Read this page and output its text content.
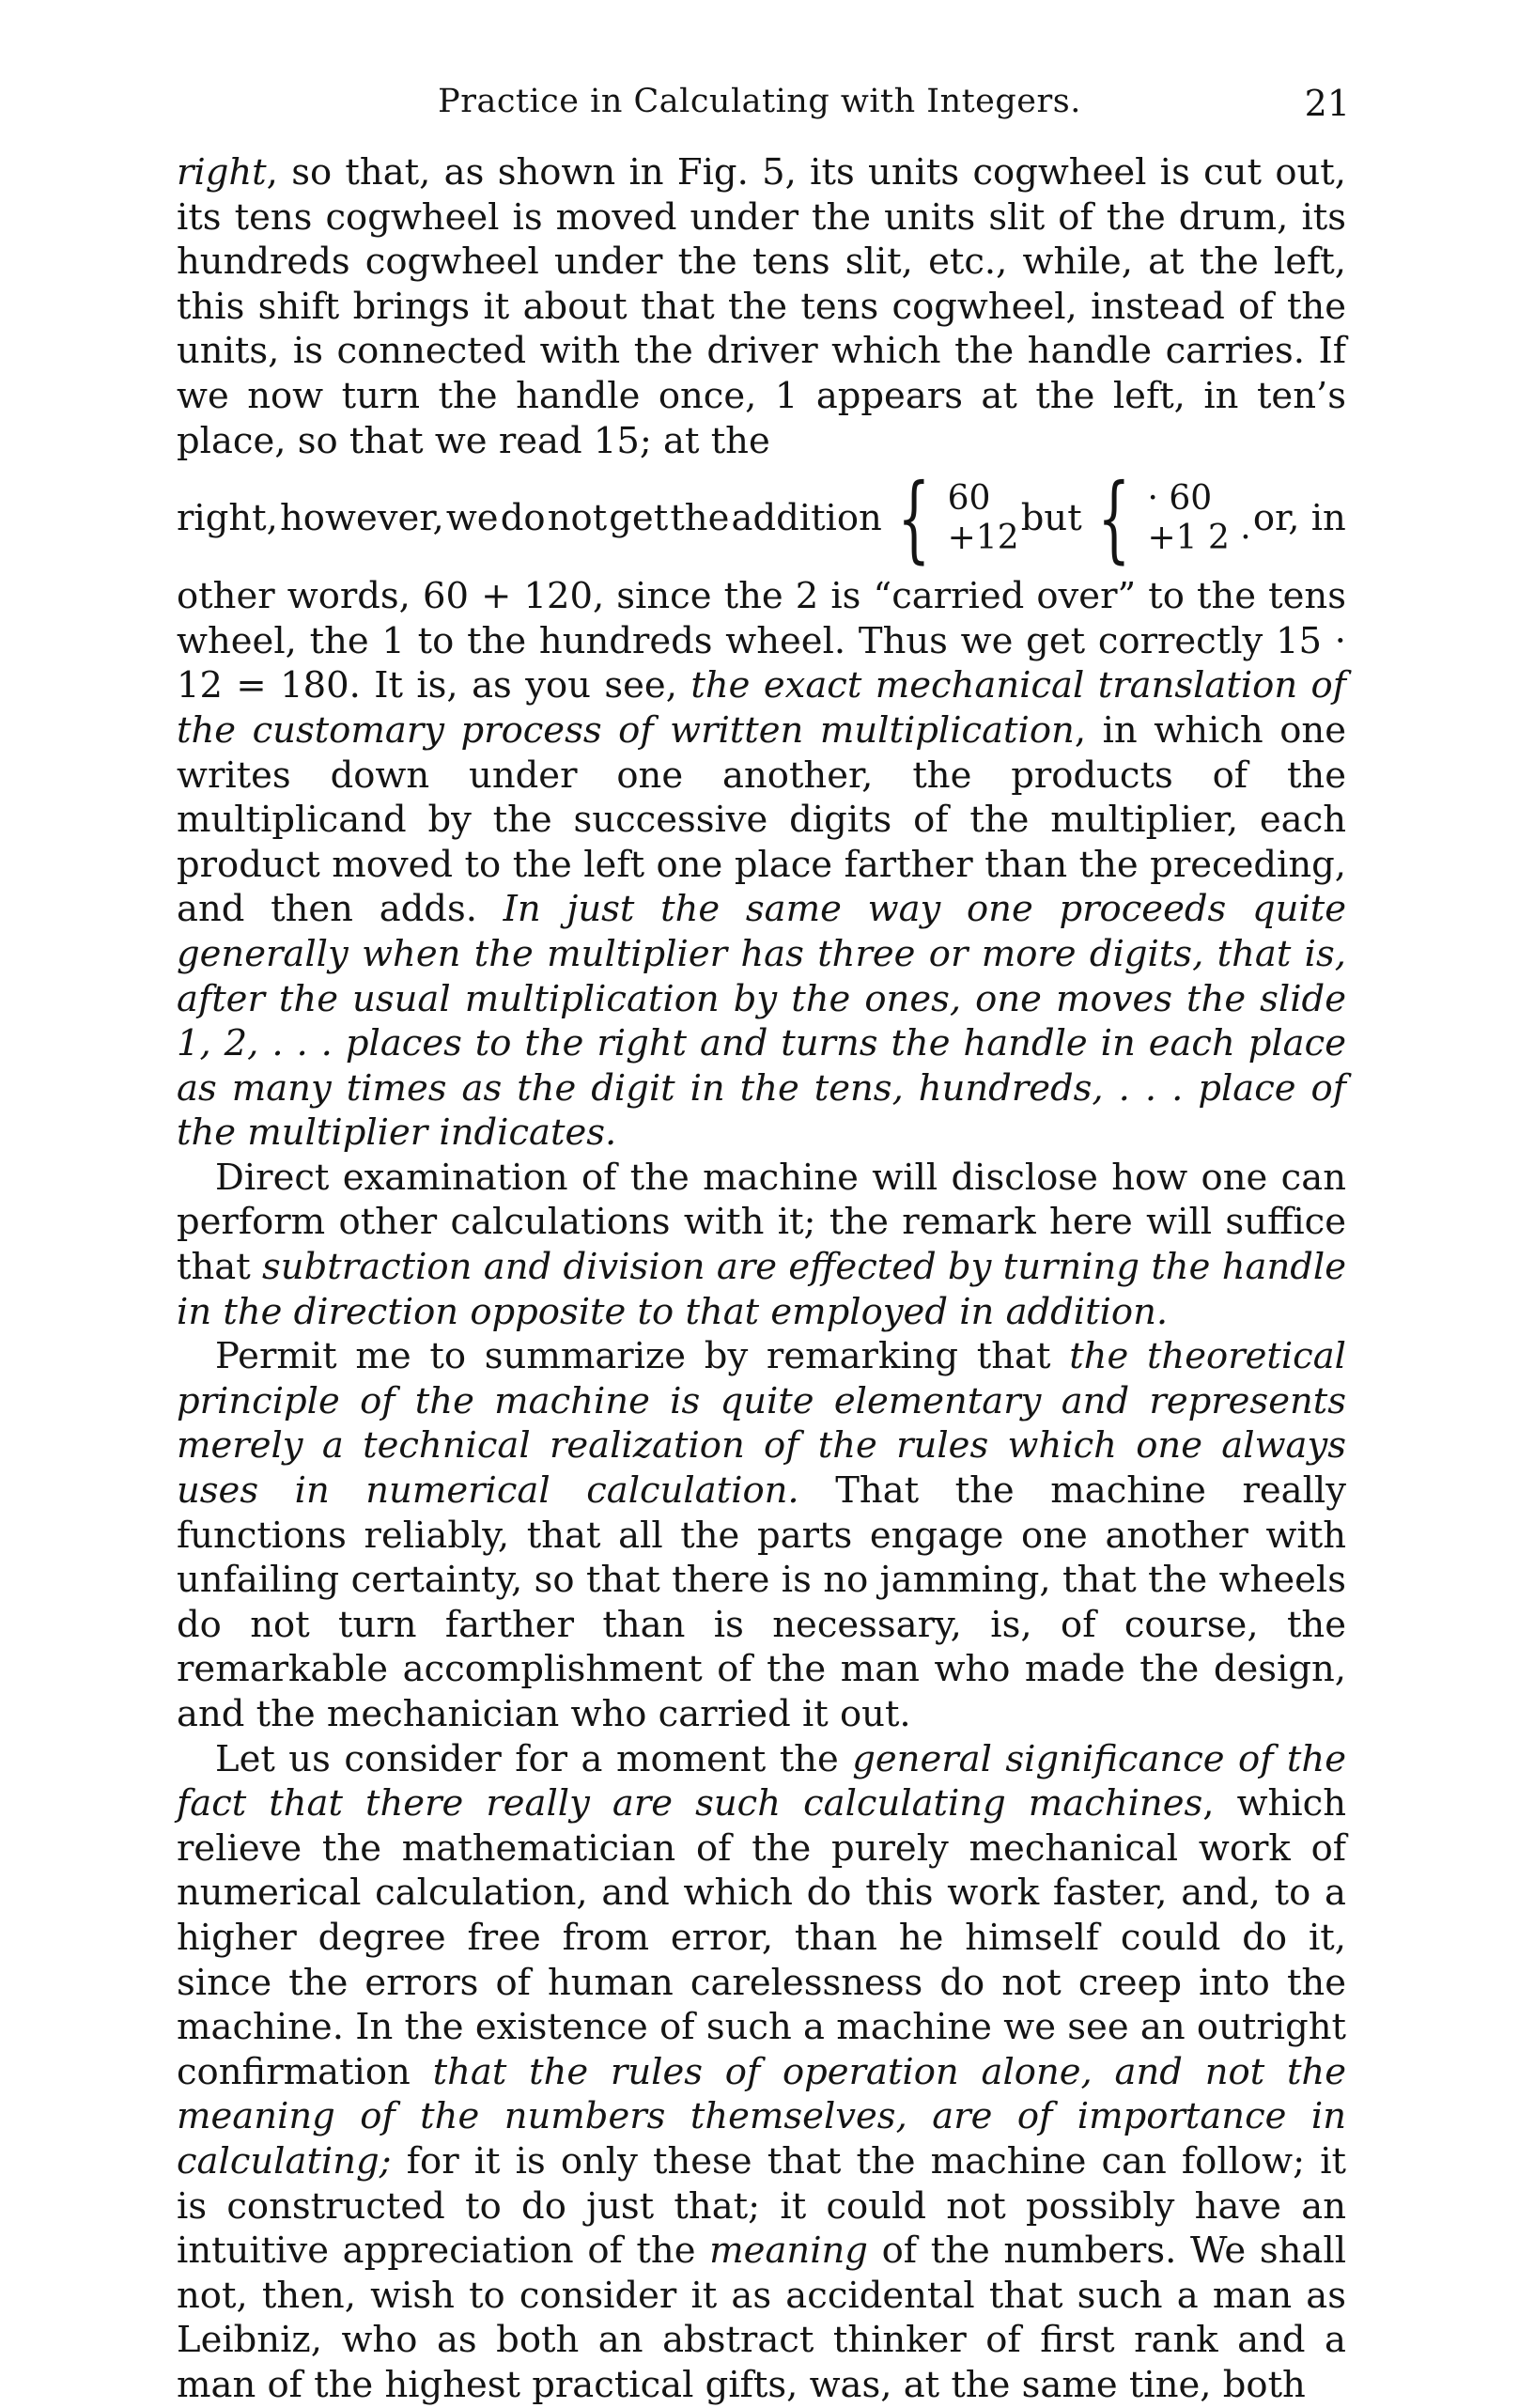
Practice in Calculating with Integers.	21

right, so that, as shown in Fig. 5, its units cogwheel is cut out, its tens cogwheel is moved under the units slit of the drum, its hundreds cogwheel under the tens slit, etc., while, at the left, this shift brings it about that the tens cogwheel, instead of the units, is connected with the driver which the handle carries. If we now turn the handle once, 1 appears at the left, in ten’s place, so that we read 15; at the

right, however, we do not get the addition { 60
+12 but { · 60
+1 2 · or, in

other words, 60 + 120, since the 2 is “carried over” to the tens wheel, the 1 to the hundreds wheel. Thus we get correctly 15 · 12 = 180. It is, as you see, the exact mechanical translation of the customary process of written multiplication, in which one writes down under one another, the products of the multiplicand by the successive digits of the multiplier, each product moved to the left one place farther than the preceding, and then adds. In just the same way one proceeds quite generally when the multiplier has three or more digits, that is, after the usual multiplication by the ones, one moves the slide 1, 2, . . . places to the right and turns the handle in each place as many times as the digit in the tens, hundreds, . . . place of the multiplier indicates.

Direct examination of the machine will disclose how one can perform other calculations with it; the remark here will suffice that subtraction and division are effected by turning the handle in the direction opposite to that employed in addition.

Permit me to summarize by remarking that the theoretical principle of the machine is quite elementary and represents merely a technical realization of the rules which one always uses in numerical calculation. That the machine really functions reliably, that all the parts engage one another with unfailing certainty, so that there is no jamming, that the wheels do not turn farther than is necessary, is, of course, the remarkable accomplishment of the man who made the design, and the mechanician who carried it out.

Let us consider for a moment the general significance of the fact that there really are such calculating machines, which relieve the mathematician of the purely mechanical work of numerical calculation, and which do this work faster, and, to a higher degree free from error, than he himself could do it, since the errors of human carelessness do not creep into the machine. In the existence of such a machine we see an outright confirmation that the rules of operation alone, and not the meaning of the numbers themselves, are of importance in calculating; for it is only these that the machine can follow; it is constructed to do just that; it could not possibly have an intuitive appreciation of the meaning of the numbers. We shall not, then, wish to consider it as accidental that such a man as Leibniz, who as both an abstract thinker of first rank and a man of the highest practical gifts, was, at the same tine, both
